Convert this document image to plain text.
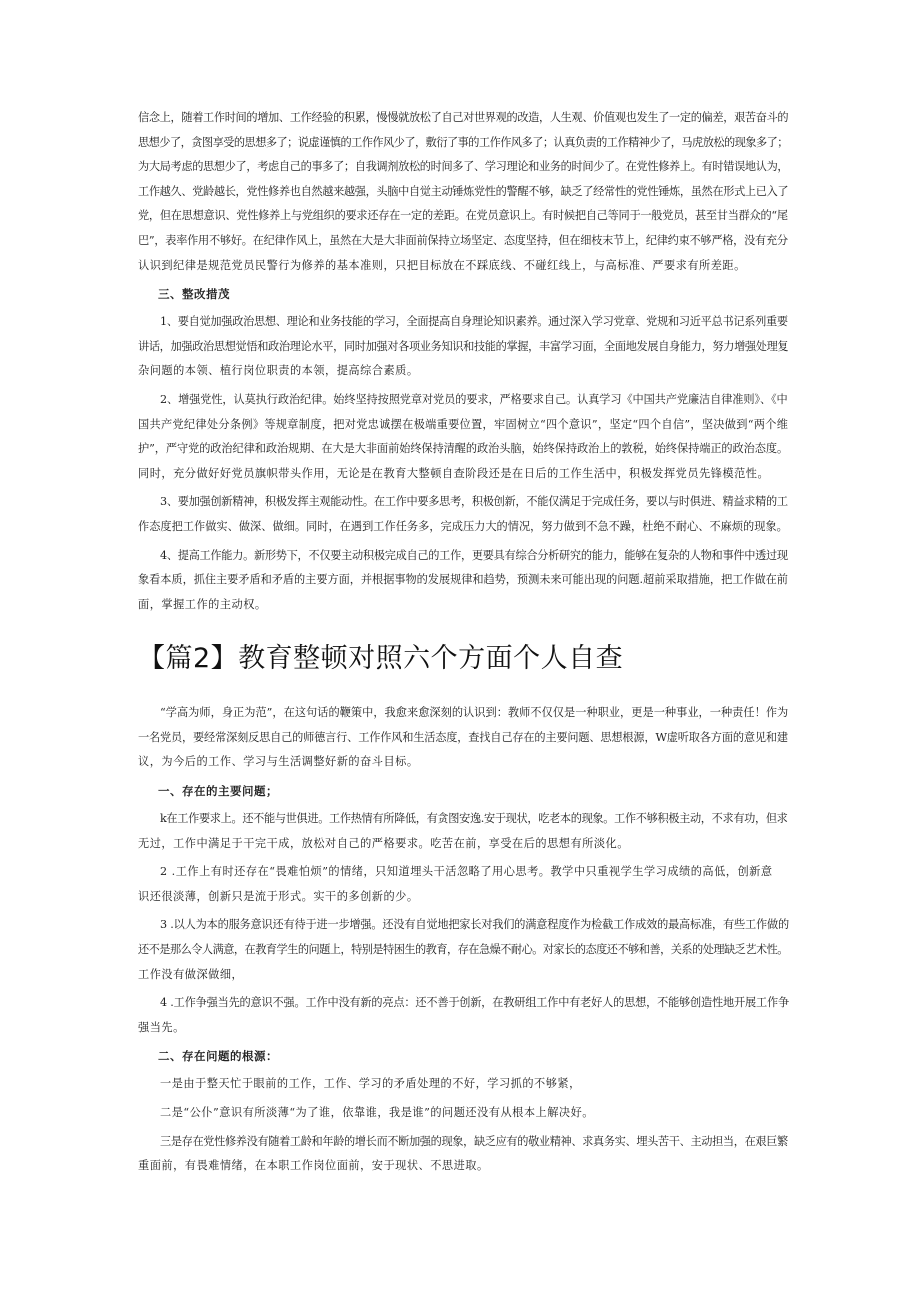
信念上，随着工作时间的增加、工作经验的积累，慢慢就放松了自己对世界观的改造，人生观、价值观也发生了一定的偏差，艰苦奋斗的
思想少了，贪图享受的思想多了；说虚谨慎的工作作风少了，敷衍了事的工作作风多了；认真负责的工作精神少了，马虎放松的现象多了；
为大局考虑的思想少了，考虑自己的事多了；自我调剂放松的时间多了、学习理论和业务的时间少了。在党性修养上。有时错误地认为，
工作越久、党龄越长，党性修养也自然越来越强，头脑中自觉主动锤炼党性的警醒不够，缺乏了经常性的党性锤炼，虽然在形式上已入了
党，但在思想意识、党性修养上与党组织的要求还存在一定的差距。在党员意识上。有时候把自己等同于一般党员，甚至甘当群众的“尾
巴”，表率作用不够好。在纪律作风上，虽然在大是大非面前保持立场坚定、态度坚持，但在细枝末节上，纪律约束不够严格，没有充分
认识到纪律是规范党员民警行为修养的基本准则，只把目标放在不踩底线、不碰红线上，与高标准、严要求有所差距。
三、整改措茂
1、要自觉加强政治思想、理论和业务技能的学习，全面提高自身理论知识素养。通过深入学习党章、党规和习近平总书记系列重要
讲话，加强政治思想觉悟和政治理论水平，同时加强对各项业务知识和技能的掌握，丰富学习面，全面地发展自身能力，努力增强处理复
杂问题的本领、植行岗位职责的本领，提高综合素质。
2、增强党性，认莫执行政治纪律。始终坚持按照党章对党员的要求，严格要求自己。认真学习《中国共产党廉洁自律准则》、《中
国共产党纪律处分条例》等规章制度，把对党忠诚摆在极端重要位置，牢固树立“四个意识”，坚定“四个自信”，坚决做到“两个维
护”，严守党的政治纪律和政治规期、在大是大非面前始终保持清醒的政治头脑，始终保持政治上的敦税，始终保持端正的政治态度。
同时，充分做好好党员旗帜带头作用，无论是在教育大整顿自查阶段还是在日后的工作生活中，积极发挥党员先锋模范性。
3、要加强创新精神，积极发挥主观能动性。在工作中要多思考，积极创新，不能仅满足于完成任务，要以与时俱进、精益求精的工
作态度把工作做实、做深、做细。同时，在遇到工作任务多，完成压力大的情况，努力做到不急不躁，杜绝不耐心、不麻烦的现象。
4、提高工作能力。新形势下，不仅要主动积极完成自己的工作，更要具有综合分析研究的能力，能够在复杂的人物和事件中透过现
象看本质，抓住主要矛盾和矛盾的主要方面，并根据事物的发展规律和趋势，预测未来可能出现的问题.超前采取措施，把工作做在前
面，掌握工作的主动权。
【篇2】教育整顿对照六个方面个人自查
“学高为师，身正为范”，在这句话的鞭策中，我愈来愈深刻的认识到：教师不仅仅是一种职业，更是一种事业，一种责任！作为
一名党员，要经常深刻反思自己的师德言行、工作作风和生活态度，查找自己存在的主要问题、思想根源，W虚听取各方面的意见和建
议，为今后的工作、学习与生活调整好新的奋斗目标。
一、存在的主要问题；
k在工作要求上。还不能与世俱进。工作热情有所降低，有贪图安逸.安于现状，吃老本的现象。工作不够积极主动，不求有功，但求
无过，工作中满足于干完干成，放松对自己的严格要求。吃苦在前，享受在后的思想有所淡化。
2 .工作上有时还存在“畏难怕烦”的情绪，只知道埋头干活忽略了用心思考。教学中只重视学生学习成绩的高低，创新意
识还很淡薄，创新只是流于形式。实干的多创新的少。
3 .以人为本的服务意识还有待于进一步增强。还没有自觉地把家长对我们的满意程度作为检截工作成效的最高标准，有些工作做的
还不是那么令人满意，在教育学生的问题上，特别是特困生的教育，存在急燥不耐心。对家长的态度还不够和善，关系的处理缺乏艺术性。
工作没有做深做细，
4 .工作争强当先的意识不强。工作中没有新的亮点：还不善于创新，在教研组工作中有老好人的思想，不能够创造性地开展工作争
强当先。
二、存在问题的根源：
一是由于整天忙于眼前的工作，工作、学习的矛盾处理的不好，学习抓的不够紧，
二是“公仆”意识有所淡薄“为了谁，依靠谁，我是谁”的问题还没有从根本上解决好。
三是存在党性修养没有随着工龄和年龄的增长而不断加强的现象，缺乏应有的敬业精神、求真务实、埋头苦干、主动担当，在艰巨繁
重面前，有畏难情绪，在本职工作岗位面前，安于现状、不思进取。
